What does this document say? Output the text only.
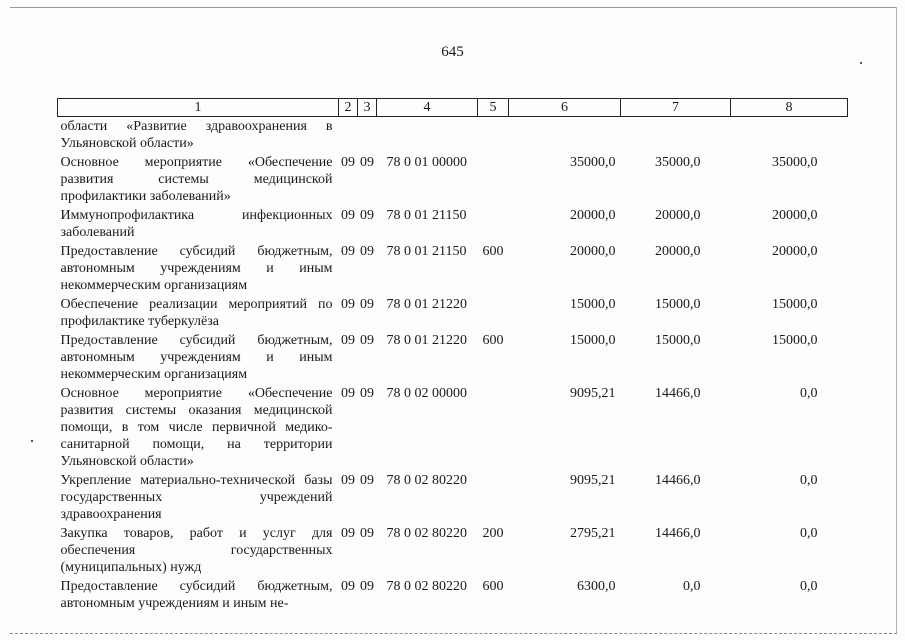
645
1	2	3	4	5	6	7	8
области «Развитие здравоохранения в Ульяновской области»							
Основное мероприятие «Обеспечение развития системы медицинской профилактики заболеваний»	09	09	78 0 01 00000		35000,0	35000,0	35000,0
Иммунопрофилактика инфекционных заболеваний	09	09	78 0 01 21150		20000,0	20000,0	20000,0
Предоставление субсидий бюджетным, автономным учреждениям и иным некоммерческим организациям	09	09	78 0 01 21150	600	20000,0	20000,0	20000,0
Обеспечение реализации мероприятий по профилактике туберкулёза	09	09	78 0 01 21220		15000,0	15000,0	15000,0
Предоставление субсидий бюджетным, автономным учреждениям и иным некоммерческим организациям	09	09	78 0 01 21220	600	15000,0	15000,0	15000,0
Основное мероприятие «Обеспечение развития системы оказания медицинской помощи, в том числе первичной медико-санитарной помощи, на территории Ульяновской области»	09	09	78 0 02 00000		9095,21	14466,0	0,0
Укрепление материально-технической базы государственных учреждений здравоохранения	09	09	78 0 02 80220		9095,21	14466,0	0,0
Закупка товаров, работ и услуг для обеспечения государственных (муниципальных) нужд	09	09	78 0 02 80220	200	2795,21	14466,0	0,0
Предоставление субсидий бюджетным, автономным учреждениям и иным не-	09	09	78 0 02 80220	600	6300,0	0,0	0,0
